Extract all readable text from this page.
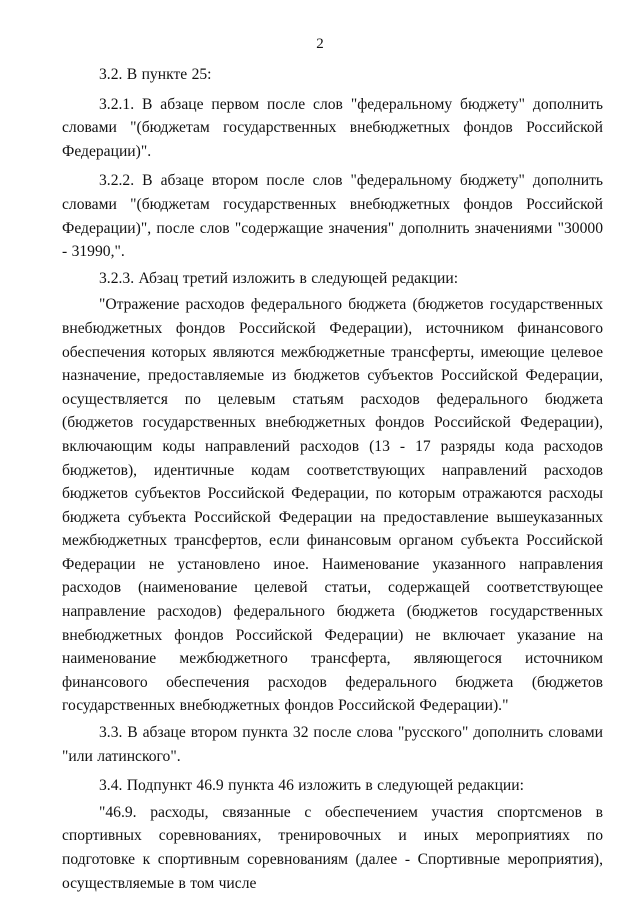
2

3.2. В пункте 25:

3.2.1. В абзаце первом после слов "федеральному бюджету" дополнить словами "(бюджетам государственных внебюджетных фондов Российской Федерации)".

3.2.2. В абзаце втором после слов "федеральному бюджету" дополнить словами "(бюджетам государственных внебюджетных фондов Российской Федерации)", после слов "содержащие значения" дополнить значениями "30000 - 31990,".

3.2.3. Абзац третий изложить в следующей редакции:

"Отражение расходов федерального бюджета (бюджетов государственных внебюджетных фондов Российской Федерации), источником финансового обеспечения которых являются межбюджетные трансферты, имеющие целевое назначение, предоставляемые из бюджетов субъектов Российской Федерации, осуществляется по целевым статьям расходов федерального бюджета (бюджетов государственных внебюджетных фондов Российской Федерации), включающим коды направлений расходов (13 - 17 разряды кода расходов бюджетов), идентичные кодам соответствующих направлений расходов бюджетов субъектов Российской Федерации, по которым отражаются расходы бюджета субъекта Российской Федерации на предоставление вышеуказанных межбюджетных трансфертов, если финансовым органом субъекта Российской Федерации не установлено иное. Наименование указанного направления расходов (наименование целевой статьи, содержащей соответствующее направление расходов) федерального бюджета (бюджетов государственных внебюджетных фондов Российской Федерации) не включает указание на наименование межбюджетного трансферта, являющегося источником финансового обеспечения расходов федерального бюджета (бюджетов государственных внебюджетных фондов Российской Федерации)."

3.3. В абзаце втором пункта 32 после слова "русского" дополнить словами "или латинского".

3.4. Подпункт 46.9 пункта 46 изложить в следующей редакции:

"46.9. расходы, связанные с обеспечением участия спортсменов в спортивных соревнованиях, тренировочных и иных мероприятиях по подготовке к спортивным соревнованиям (далее - Спортивные мероприятия), осуществляемые в том числе
